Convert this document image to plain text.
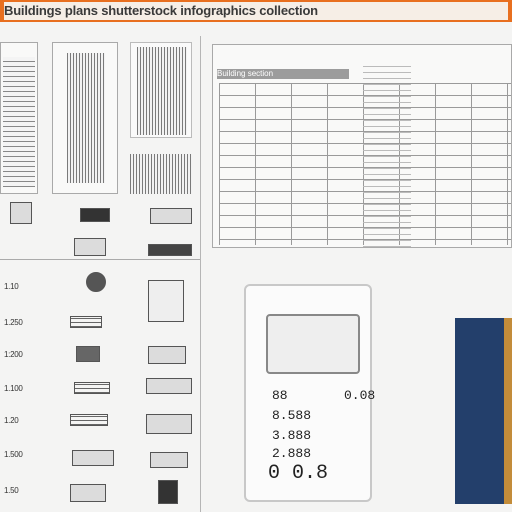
Buildings plans shutterstock infographics collection
1.10
1.250
1:200
1.100
1.20
1.500
1.50
Building section
88
8.588
3.888
2.888
0.08
0 0.8
